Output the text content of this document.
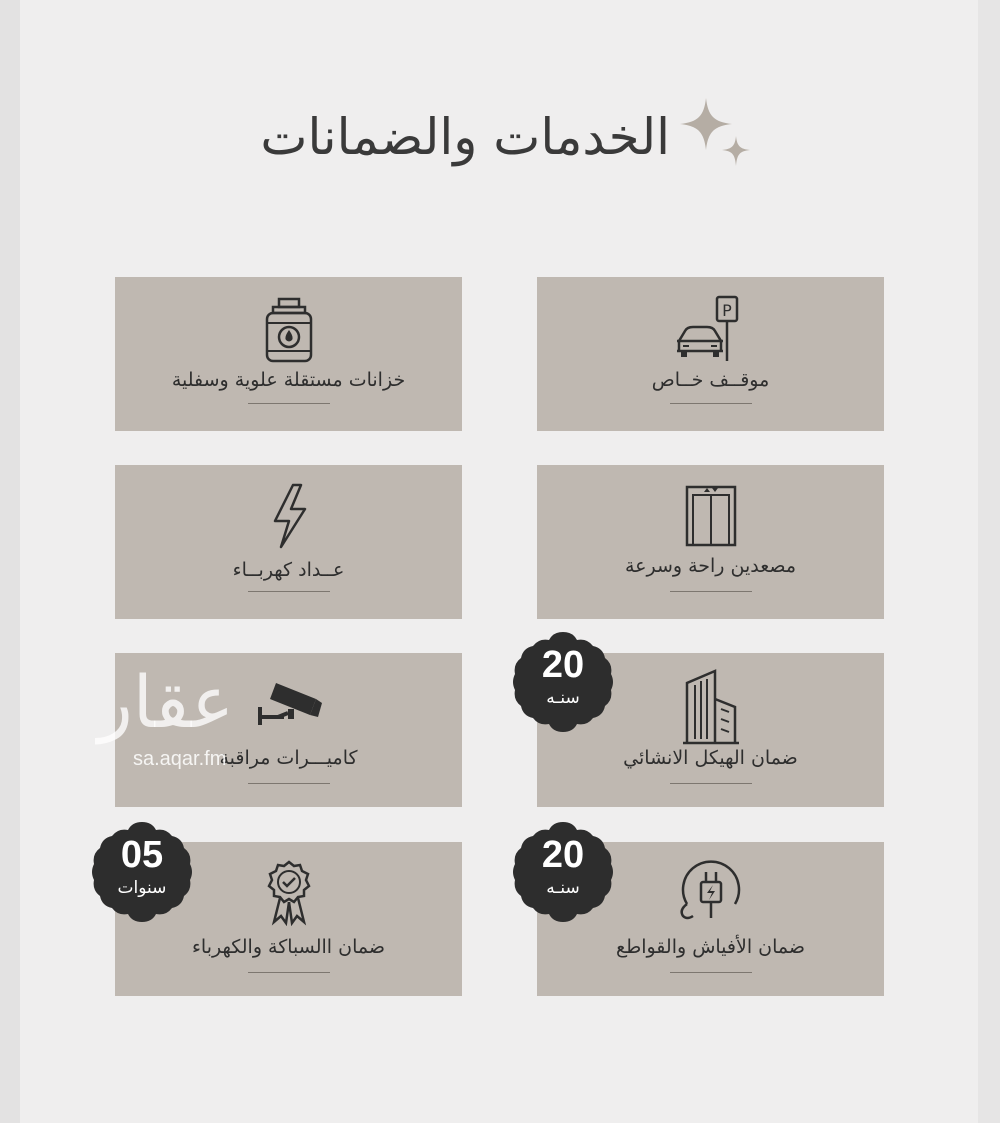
الخدمات والضمانات
P
موقــف خــاص
خزانات مستقلة علوية وسفلية
مصعدين راحة وسرعة
عــداد كهربــاء
ضمان الهيكل الانشائي
كاميـــرات مراقبة
ضمان الأفياش والقواطع
ضمان االسباكة والكهرباء
20
سنـه
20
سنـه
05
سنوات
عقار
sa.aqar.fm
